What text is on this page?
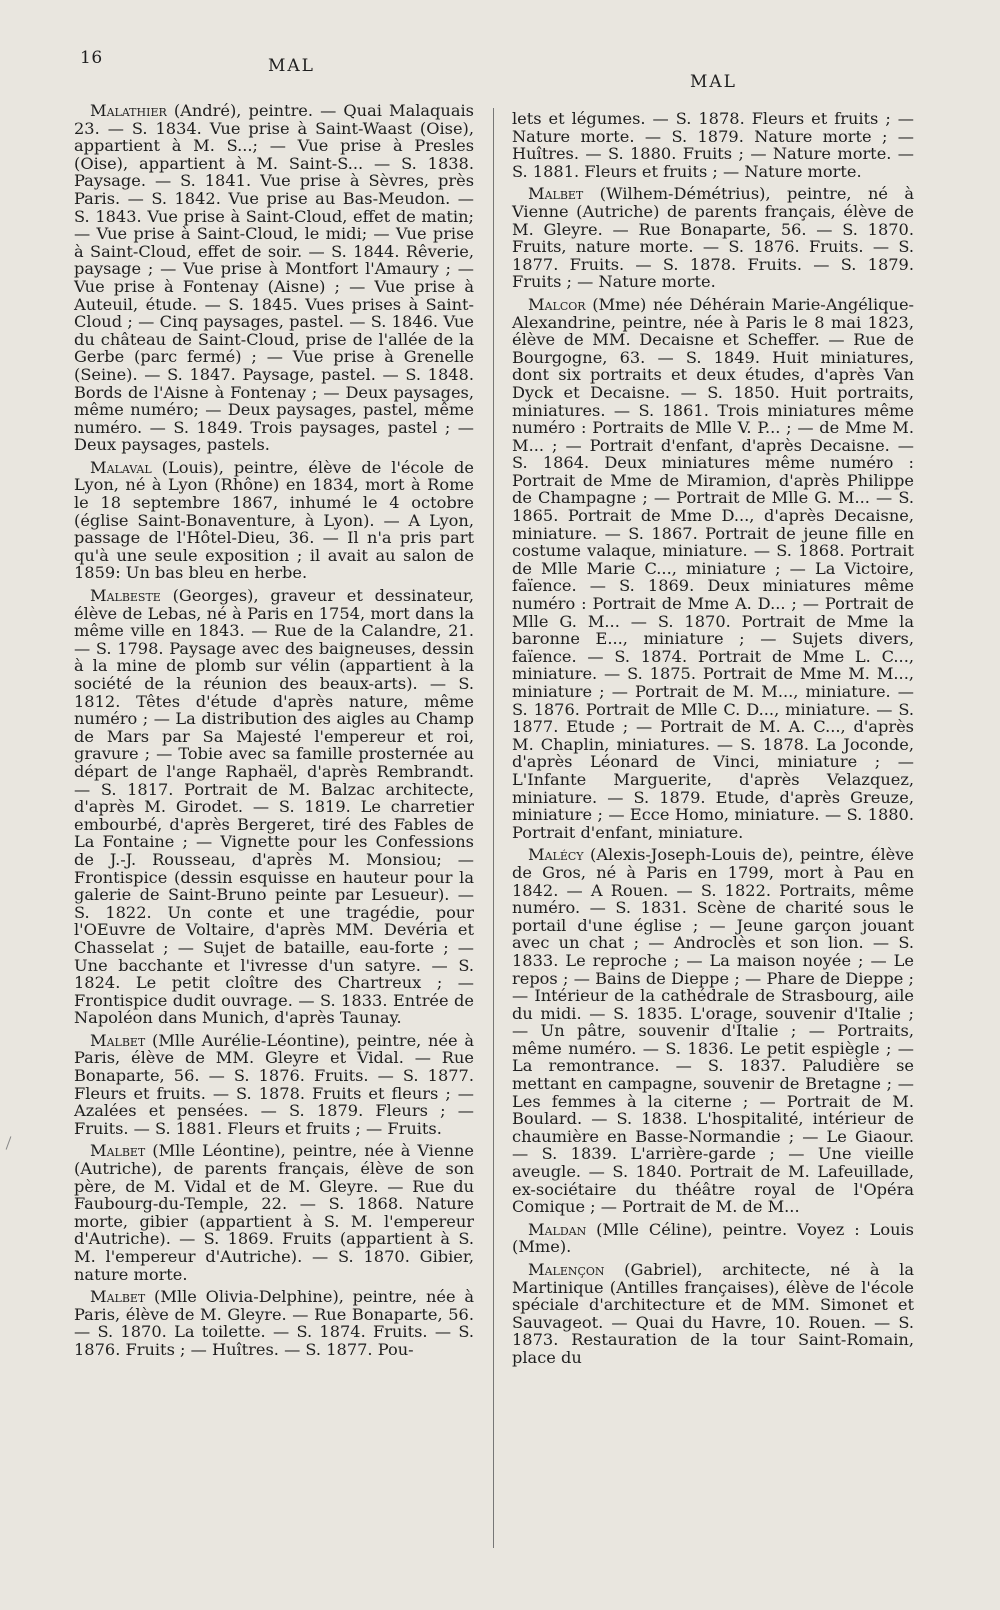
16	MAL
MAL

Malathier (André), peintre. — Quai Malaquais 23. — S. 1834. Vue prise à Saint-Waast (Oise), appartient à M. S...; — Vue prise à Presles (Oise), appartient à M. Saint-S... — S. 1838. Paysage. — S. 1841. Vue prise à Sèvres, près Paris. — S. 1842. Vue prise au Bas-Meudon. — S. 1843. Vue prise à Saint-Cloud, effet de matin; — Vue prise à Saint-Cloud, le midi; — Vue prise à Saint-Cloud, effet de soir. — S. 1844. Rêverie, paysage ; — Vue prise à Montfort l'Amaury ; — Vue prise à Fontenay (Aisne) ; — Vue prise à Auteuil, étude. — S. 1845. Vues prises à Saint-Cloud ; — Cinq paysages, pastel. — S. 1846. Vue du château de Saint-Cloud, prise de l'allée de la Gerbe (parc fermé) ; — Vue prise à Grenelle (Seine). — S. 1847. Paysage, pastel. — S. 1848. Bords de l'Aisne à Fontenay ; — Deux paysages, même numéro; — Deux paysages, pastel, même numéro. — S. 1849. Trois paysages, pastel ; — Deux paysages, pastels.

Malaval (Louis), peintre, élève de l'école de Lyon, né à Lyon (Rhône) en 1834, mort à Rome le 18 septembre 1867, inhumé le 4 octobre (église Saint-Bonaventure, à Lyon). — A Lyon, passage de l'Hôtel-Dieu, 36. — Il n'a pris part qu'à une seule exposition ; il avait au salon de 1859: Un bas bleu en herbe.

Malbeste (Georges), graveur et dessinateur, élève de Lebas, né à Paris en 1754, mort dans la même ville en 1843. — Rue de la Calandre, 21. — S. 1798. Paysage avec des baigneuses, dessin à la mine de plomb sur vélin (appartient à la société de la réunion des beaux-arts). — S. 1812. Têtes d'étude d'après nature, même numéro ; — La distribution des aigles au Champ de Mars par Sa Majesté l'empereur et roi, gravure ; — Tobie avec sa famille prosternée au départ de l'ange Raphaël, d'après Rembrandt. — S. 1817. Portrait de M. Balzac architecte, d'après M. Girodet. — S. 1819. Le charretier embourbé, d'après Bergeret, tiré des Fables de La Fontaine ; — Vignette pour les Confessions de J.-J. Rousseau, d'après M. Monsiou; — Frontispice (dessin esquisse en hauteur pour la galerie de Saint-Bruno peinte par Lesueur). — S. 1822. Un conte et une tragédie, pour l'OEuvre de Voltaire, d'après MM. Devéria et Chasselat ; — Sujet de bataille, eau-forte ; — Une bacchante et l'ivresse d'un satyre. — S. 1824. Le petit cloître des Chartreux ; — Frontispice dudit ouvrage. — S. 1833. Entrée de Napoléon dans Munich, d'après Taunay.

Malbet (Mlle Aurélie-Léontine), peintre, née à Paris, élève de MM. Gleyre et Vidal. — Rue Bonaparte, 56. — S. 1876. Fruits. — S. 1877. Fleurs et fruits. — S. 1878. Fruits et fleurs ; — Azalées et pensées. — S. 1879. Fleurs ; — Fruits. — S. 1881. Fleurs et fruits ; — Fruits.

Malbet (Mlle Léontine), peintre, née à Vienne (Autriche), de parents français, élève de son père, de M. Vidal et de M. Gleyre. — Rue du Faubourg-du-Temple, 22. — S. 1868. Nature morte, gibier (appartient à S. M. l'empereur d'Autriche). — S. 1869. Fruits (appartient à S. M. l'empereur d'Autriche). — S. 1870. Gibier, nature morte.

Malbet (Mlle Olivia-Delphine), peintre, née à Paris, élève de M. Gleyre. — Rue Bonaparte, 56. — S. 1870. La toilette. — S. 1874. Fruits. — S. 1876. Fruits ; — Huîtres. — S. 1877. Pou-

lets et légumes. — S. 1878. Fleurs et fruits ; — Nature morte. — S. 1879. Nature morte ; — Huîtres. — S. 1880. Fruits ; — Nature morte. — S. 1881. Fleurs et fruits ; — Nature morte.

Malbet (Wilhem-Démétrius), peintre, né à Vienne (Autriche) de parents français, élève de M. Gleyre. — Rue Bonaparte, 56. — S. 1870. Fruits, nature morte. — S. 1876. Fruits. — S. 1877. Fruits. — S. 1878. Fruits. — S. 1879. Fruits ; — Nature morte.

Malcor (Mme) née Déhérain Marie-Angélique-Alexandrine, peintre, née à Paris le 8 mai 1823, élève de MM. Decaisne et Scheffer. — Rue de Bourgogne, 63. — S. 1849. Huit miniatures, dont six portraits et deux études, d'après Van Dyck et Decaisne. — S. 1850. Huit portraits, miniatures. — S. 1861. Trois miniatures même numéro : Portraits de Mlle V. P... ; — de Mme M. M... ; — Portrait d'enfant, d'après Decaisne. — S. 1864. Deux miniatures même numéro : Portrait de Mme de Miramion, d'après Philippe de Champagne ; — Portrait de Mlle G. M... — S. 1865. Portrait de Mme D..., d'après Decaisne, miniature. — S. 1867. Portrait de jeune fille en costume valaque, miniature. — S. 1868. Portrait de Mlle Marie C..., miniature ; — La Victoire, faïence. — S. 1869. Deux miniatures même numéro : Portrait de Mme A. D... ; — Portrait de Mlle G. M... — S. 1870. Portrait de Mme la baronne E..., miniature ; — Sujets divers, faïence. — S. 1874. Portrait de Mme L. C..., miniature. — S. 1875. Portrait de Mme M. M..., miniature ; — Portrait de M. M..., miniature. — S. 1876. Portrait de Mlle C. D..., miniature. — S. 1877. Etude ; — Portrait de M. A. C..., d'après M. Chaplin, miniatures. — S. 1878. La Joconde, d'après Léonard de Vinci, miniature ; — L'Infante Marguerite, d'après Velazquez, miniature. — S. 1879. Etude, d'après Greuze, miniature ; — Ecce Homo, miniature. — S. 1880. Portrait d'enfant, miniature.

Malécy (Alexis-Joseph-Louis de), peintre, élève de Gros, né à Paris en 1799, mort à Pau en 1842. — A Rouen. — S. 1822. Portraits, même numéro. — S. 1831. Scène de charité sous le portail d'une église ; — Jeune garçon jouant avec un chat ; — Androclès et son lion. — S. 1833. Le reproche ; — La maison noyée ; — Le repos ; — Bains de Dieppe ; — Phare de Dieppe ; — Intérieur de la cathédrale de Strasbourg, aile du midi. — S. 1835. L'orage, souvenir d'Italie ; — Un pâtre, souvenir d'Italie ; — Portraits, même numéro. — S. 1836. Le petit espiègle ; — La remontrance. — S. 1837. Paludière se mettant en campagne, souvenir de Bretagne ; — Les femmes à la citerne ; — Portrait de M. Boulard. — S. 1838. L'hospitalité, intérieur de chaumière en Basse-Normandie ; — Le Giaour. — S. 1839. L'arrière-garde ; — Une vieille aveugle. — S. 1840. Portrait de M. Lafeuillade, ex-sociétaire du théâtre royal de l'Opéra Comique ; — Portrait de M. de M...

Maldan (Mlle Céline), peintre. Voyez : Louis (Mme).

Malençon (Gabriel), architecte, né à la Martinique (Antilles françaises), élève de l'école spéciale d'architecture et de MM. Simonet et Sauvageot. — Quai du Havre, 10. Rouen. — S. 1873. Restauration de la tour Saint-Romain, place du
